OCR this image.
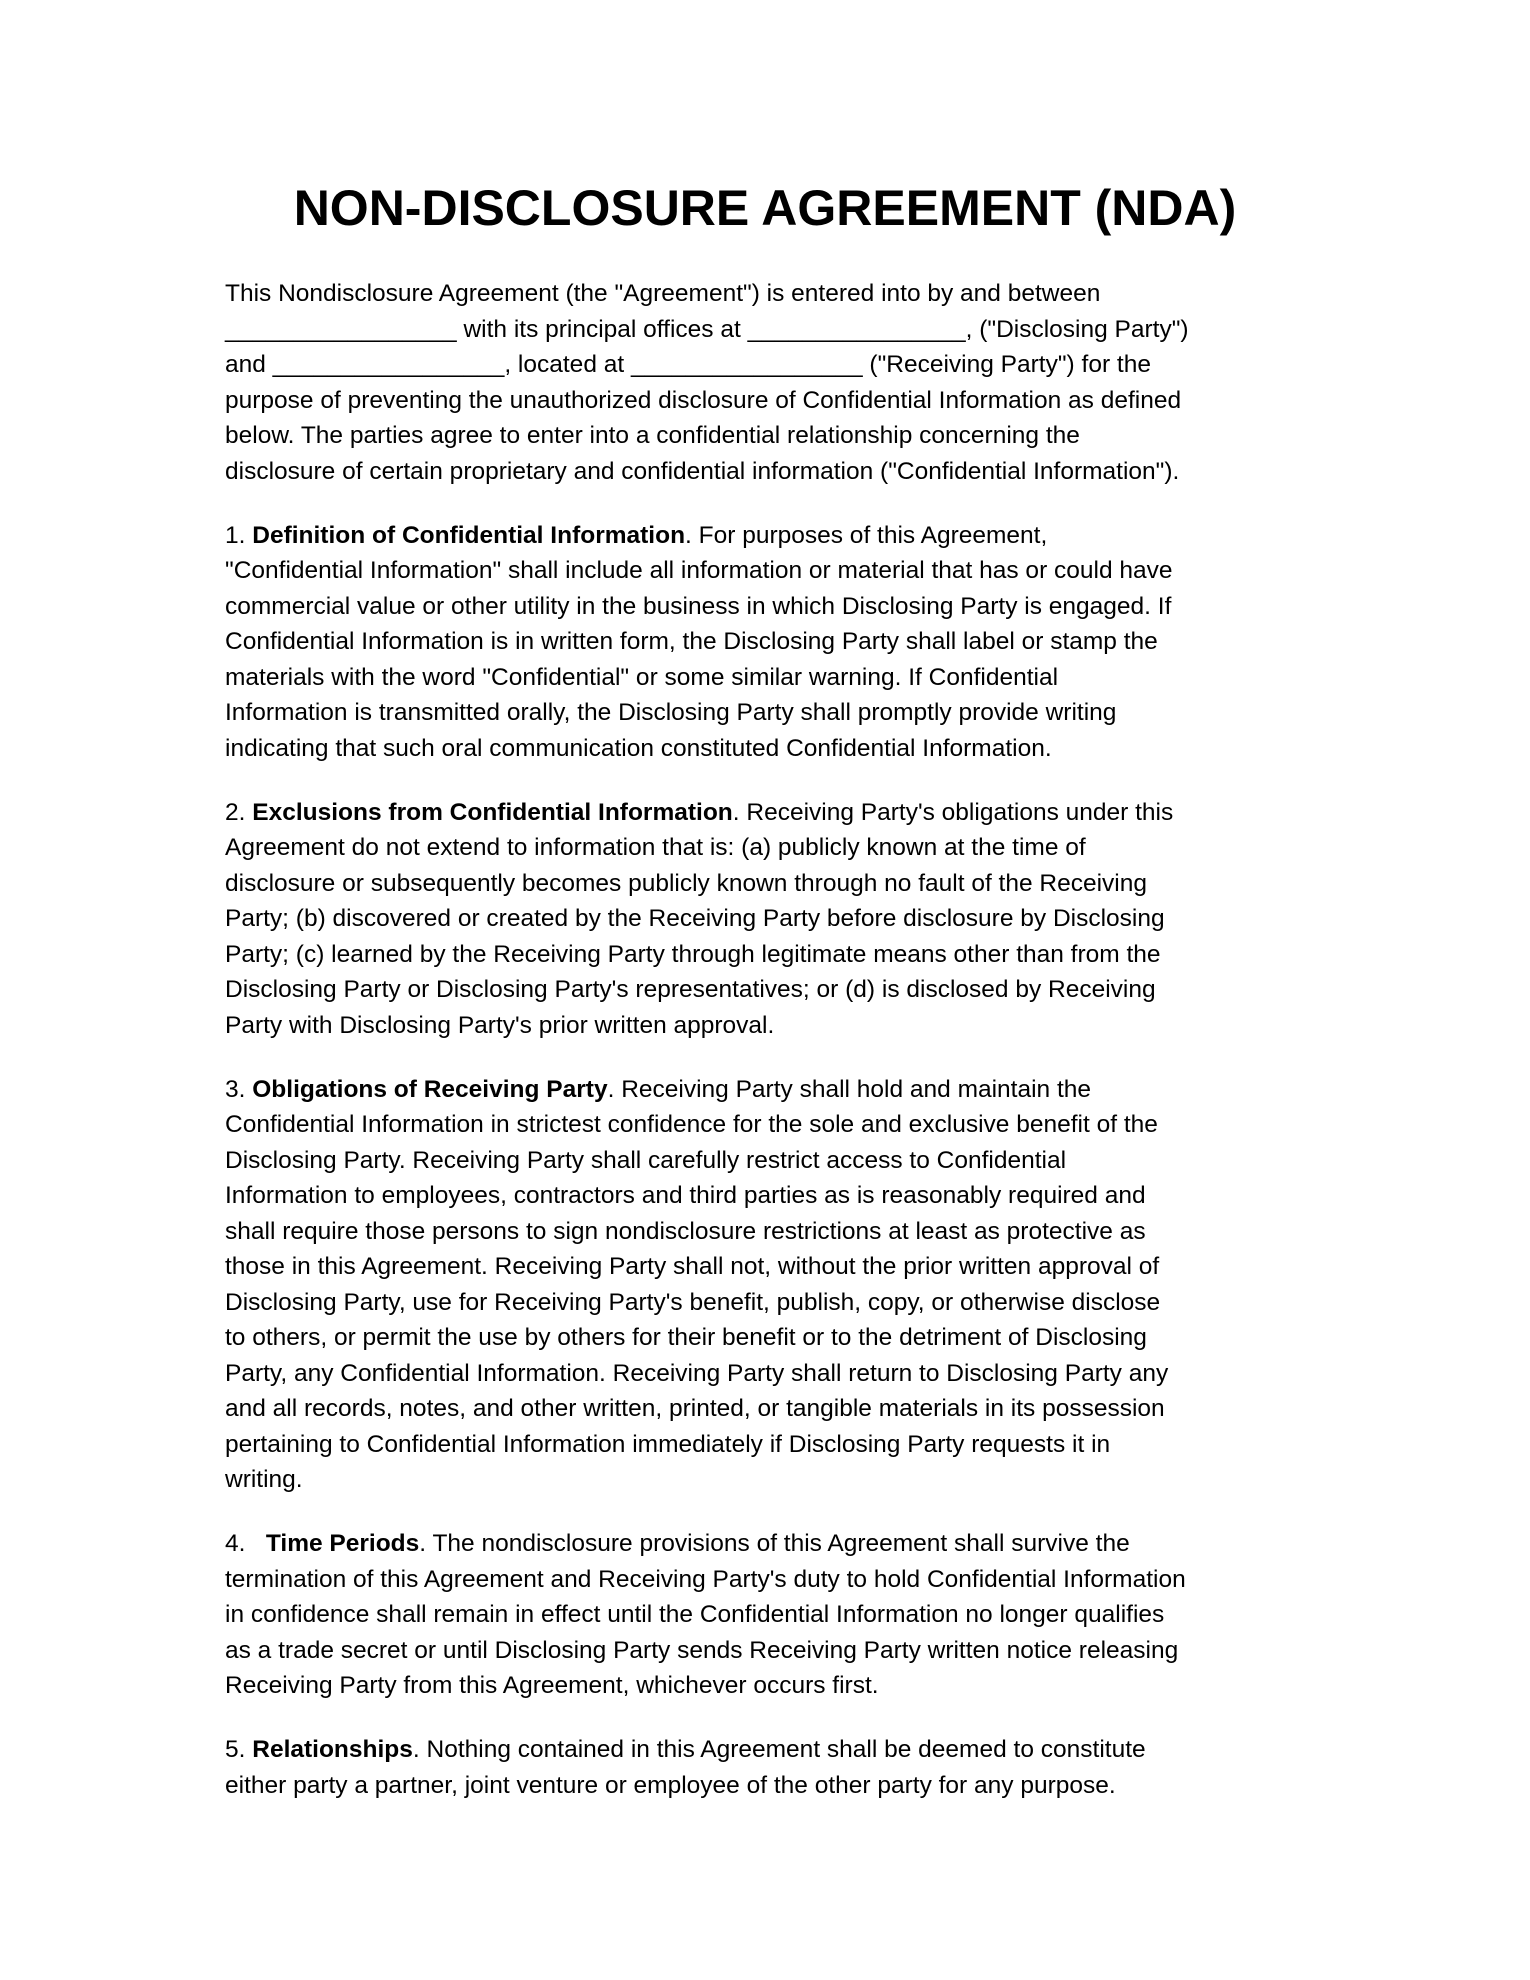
NON-DISCLOSURE AGREEMENT (NDA)
This Nondisclosure Agreement (the "Agreement") is entered into by and between
_________________ with its principal offices at ________________, ("Disclosing Party")
and _________________, located at _________________ ("Receiving Party") for the
purpose of preventing the unauthorized disclosure of Confidential Information as defined
below. The parties agree to enter into a confidential relationship concerning the
disclosure of certain proprietary and confidential information ("Confidential Information").
1. Definition of Confidential Information. For purposes of this Agreement,
"Confidential Information" shall include all information or material that has or could have
commercial value or other utility in the business in which Disclosing Party is engaged. If
Confidential Information is in written form, the Disclosing Party shall label or stamp the
materials with the word "Confidential" or some similar warning. If Confidential
Information is transmitted orally, the Disclosing Party shall promptly provide writing
indicating that such oral communication constituted Confidential Information.
2. Exclusions from Confidential Information. Receiving Party's obligations under this
Agreement do not extend to information that is: (a) publicly known at the time of
disclosure or subsequently becomes publicly known through no fault of the Receiving
Party; (b) discovered or created by the Receiving Party before disclosure by Disclosing
Party; (c) learned by the Receiving Party through legitimate means other than from the
Disclosing Party or Disclosing Party's representatives; or (d) is disclosed by Receiving
Party with Disclosing Party's prior written approval.
3. Obligations of Receiving Party. Receiving Party shall hold and maintain the
Confidential Information in strictest confidence for the sole and exclusive benefit of the
Disclosing Party. Receiving Party shall carefully restrict access to Confidential
Information to employees, contractors and third parties as is reasonably required and
shall require those persons to sign nondisclosure restrictions at least as protective as
those in this Agreement. Receiving Party shall not, without the prior written approval of
Disclosing Party, use for Receiving Party's benefit, publish, copy, or otherwise disclose
to others, or permit the use by others for their benefit or to the detriment of Disclosing
Party, any Confidential Information. Receiving Party shall return to Disclosing Party any
and all records, notes, and other written, printed, or tangible materials in its possession
pertaining to Confidential Information immediately if Disclosing Party requests it in
writing.
4.   Time Periods. The nondisclosure provisions of this Agreement shall survive the
termination of this Agreement and Receiving Party's duty to hold Confidential Information
in confidence shall remain in effect until the Confidential Information no longer qualifies
as a trade secret or until Disclosing Party sends Receiving Party written notice releasing
Receiving Party from this Agreement, whichever occurs first.
5. Relationships. Nothing contained in this Agreement shall be deemed to constitute
either party a partner, joint venture or employee of the other party for any purpose.
